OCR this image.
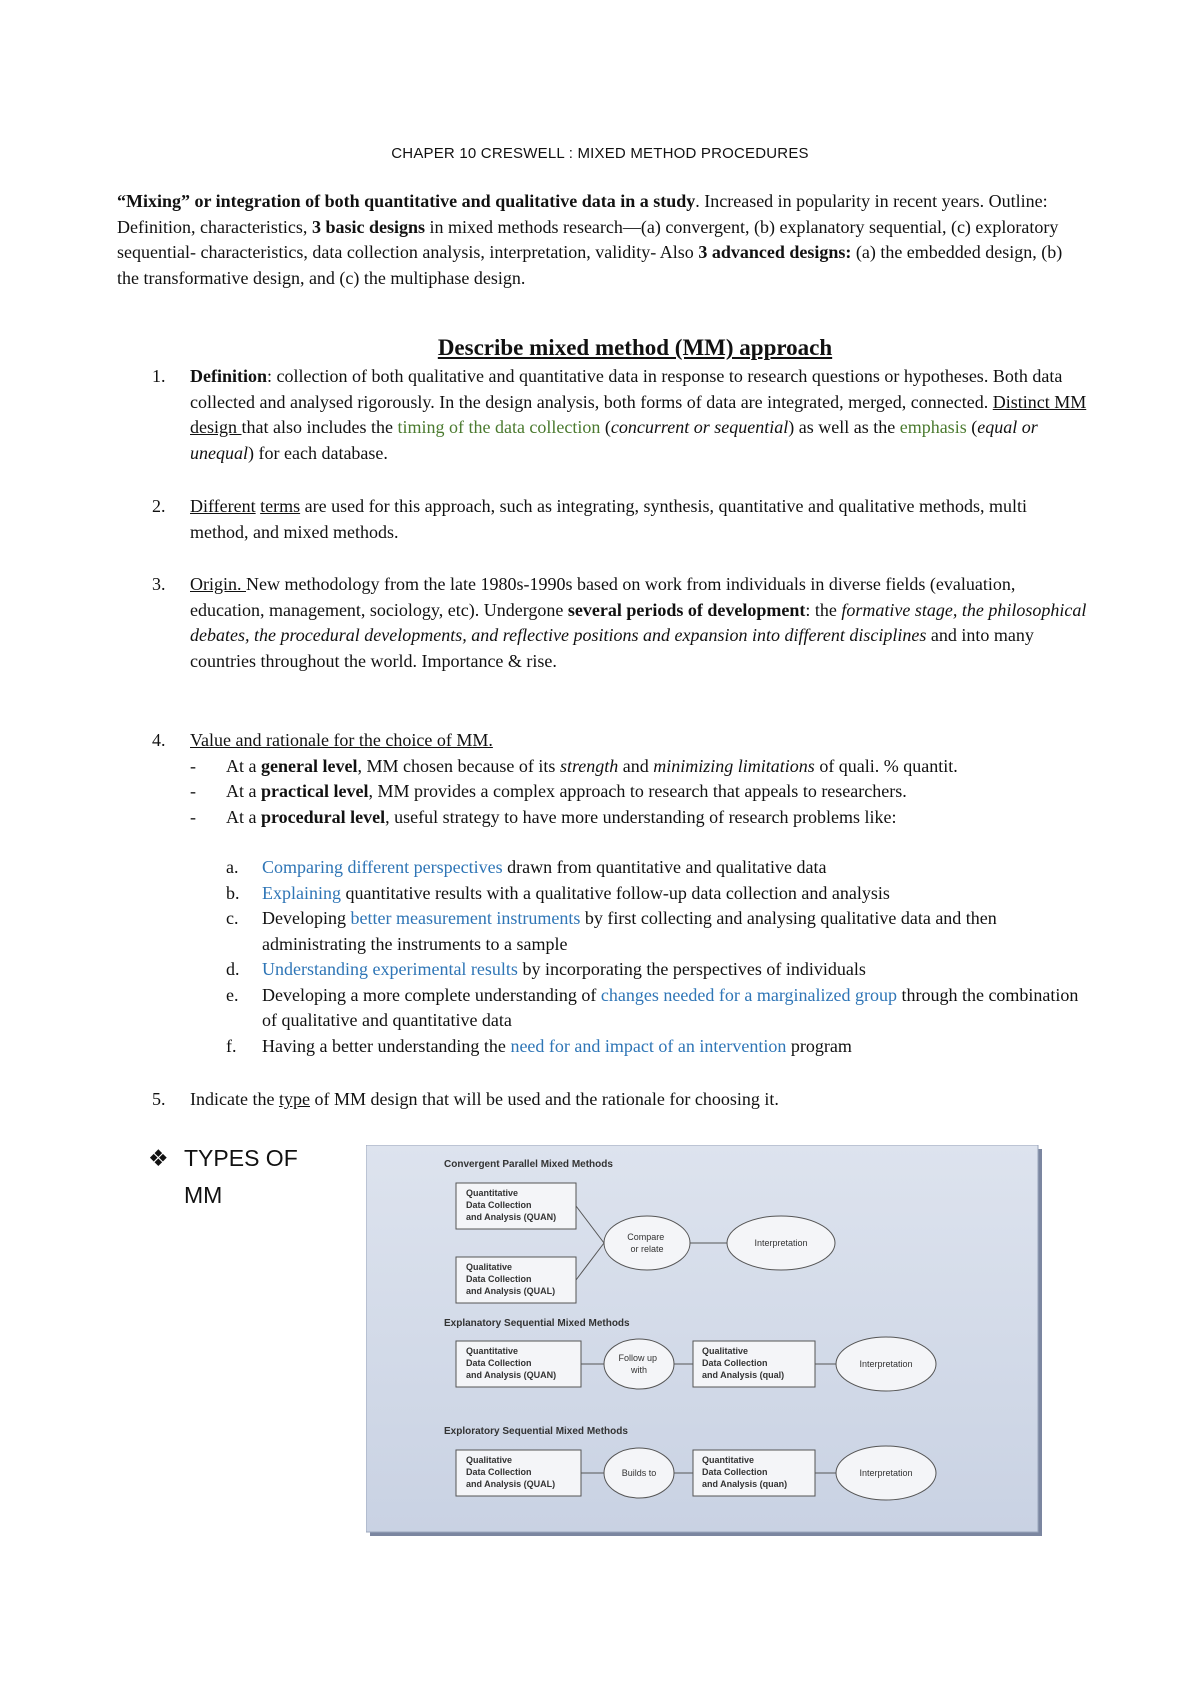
CHAPER 10 CRESWELL : MIXED METHOD PROCEDURES
“Mixing” or integration of both quantitative and qualitative data in a study. Increased in popularity in recent years. Outline: Definition, characteristics, 3 basic designs in mixed methods research—(a) convergent, (b) explanatory sequential, (c) exploratory sequential- characteristics, data collection analysis, interpretation, validity- Also 3 advanced designs: (a) the embedded design, (b) the transformative design, and (c) the multiphase design.
Describe mixed method (MM) approach
1.	Definition: collection of both qualitative and quantitative data in response to research questions or hypotheses. Both data collected and analysed rigorously. In the design analysis, both forms of data are integrated, merged, connected. Distinct MM design that also includes the timing of the data collection (concurrent or sequential) as well as the emphasis (equal or unequal) for each database.
2.	Different terms are used for this approach, such as integrating, synthesis, quantitative and qualitative methods, multi method, and mixed methods.
3.	Origin. New methodology from the late 1980s-1990s based on work from individuals in diverse fields (evaluation, education, management, sociology, etc). Undergone several periods of development: the formative stage, the philosophical debates, the procedural developments, and reflective positions and expansion into different disciplines and into many countries throughout the world. Importance & rise.
4.	Value and rationale for the choice of MM.
-	At a general level, MM chosen because of its strength and minimizing limitations of quali. % quantit.
-	At a practical level, MM provides a complex approach to research that appeals to researchers.
-	At a procedural level, useful strategy to have more understanding of research problems like:
a.	Comparing different perspectives drawn from quantitative and qualitative data
b.	Explaining quantitative results with a qualitative follow-up data collection and analysis
c.	Developing better measurement instruments by first collecting and analysing qualitative data and then administrating the instruments to a sample
d.	Understanding experimental results by incorporating the perspectives of individuals
e.	Developing a more complete understanding of changes needed for a marginalized group through the combination of qualitative and quantitative data
f.	Having a better understanding the need for and impact of an intervention program
5.	Indicate the type of MM design that will be used and the rationale for choosing it.
❖ TYPES OF
MM
Convergent Parallel Mixed Methods
Quantitative Data Collection and Analysis (QUAN)
Qualitative Data Collection and Analysis (QUAL)
Compare or relate
Interpretation
Explanatory Sequential Mixed Methods
Quantitative Data Collection and Analysis (QUAN)
Follow up with
Qualitative Data Collection and Analysis (qual)
Interpretation
Exploratory Sequential Mixed Methods
Qualitative Data Collection and Analysis (QUAL)
Builds to
Quantitative Data Collection and Analysis (quan)
Interpretation
